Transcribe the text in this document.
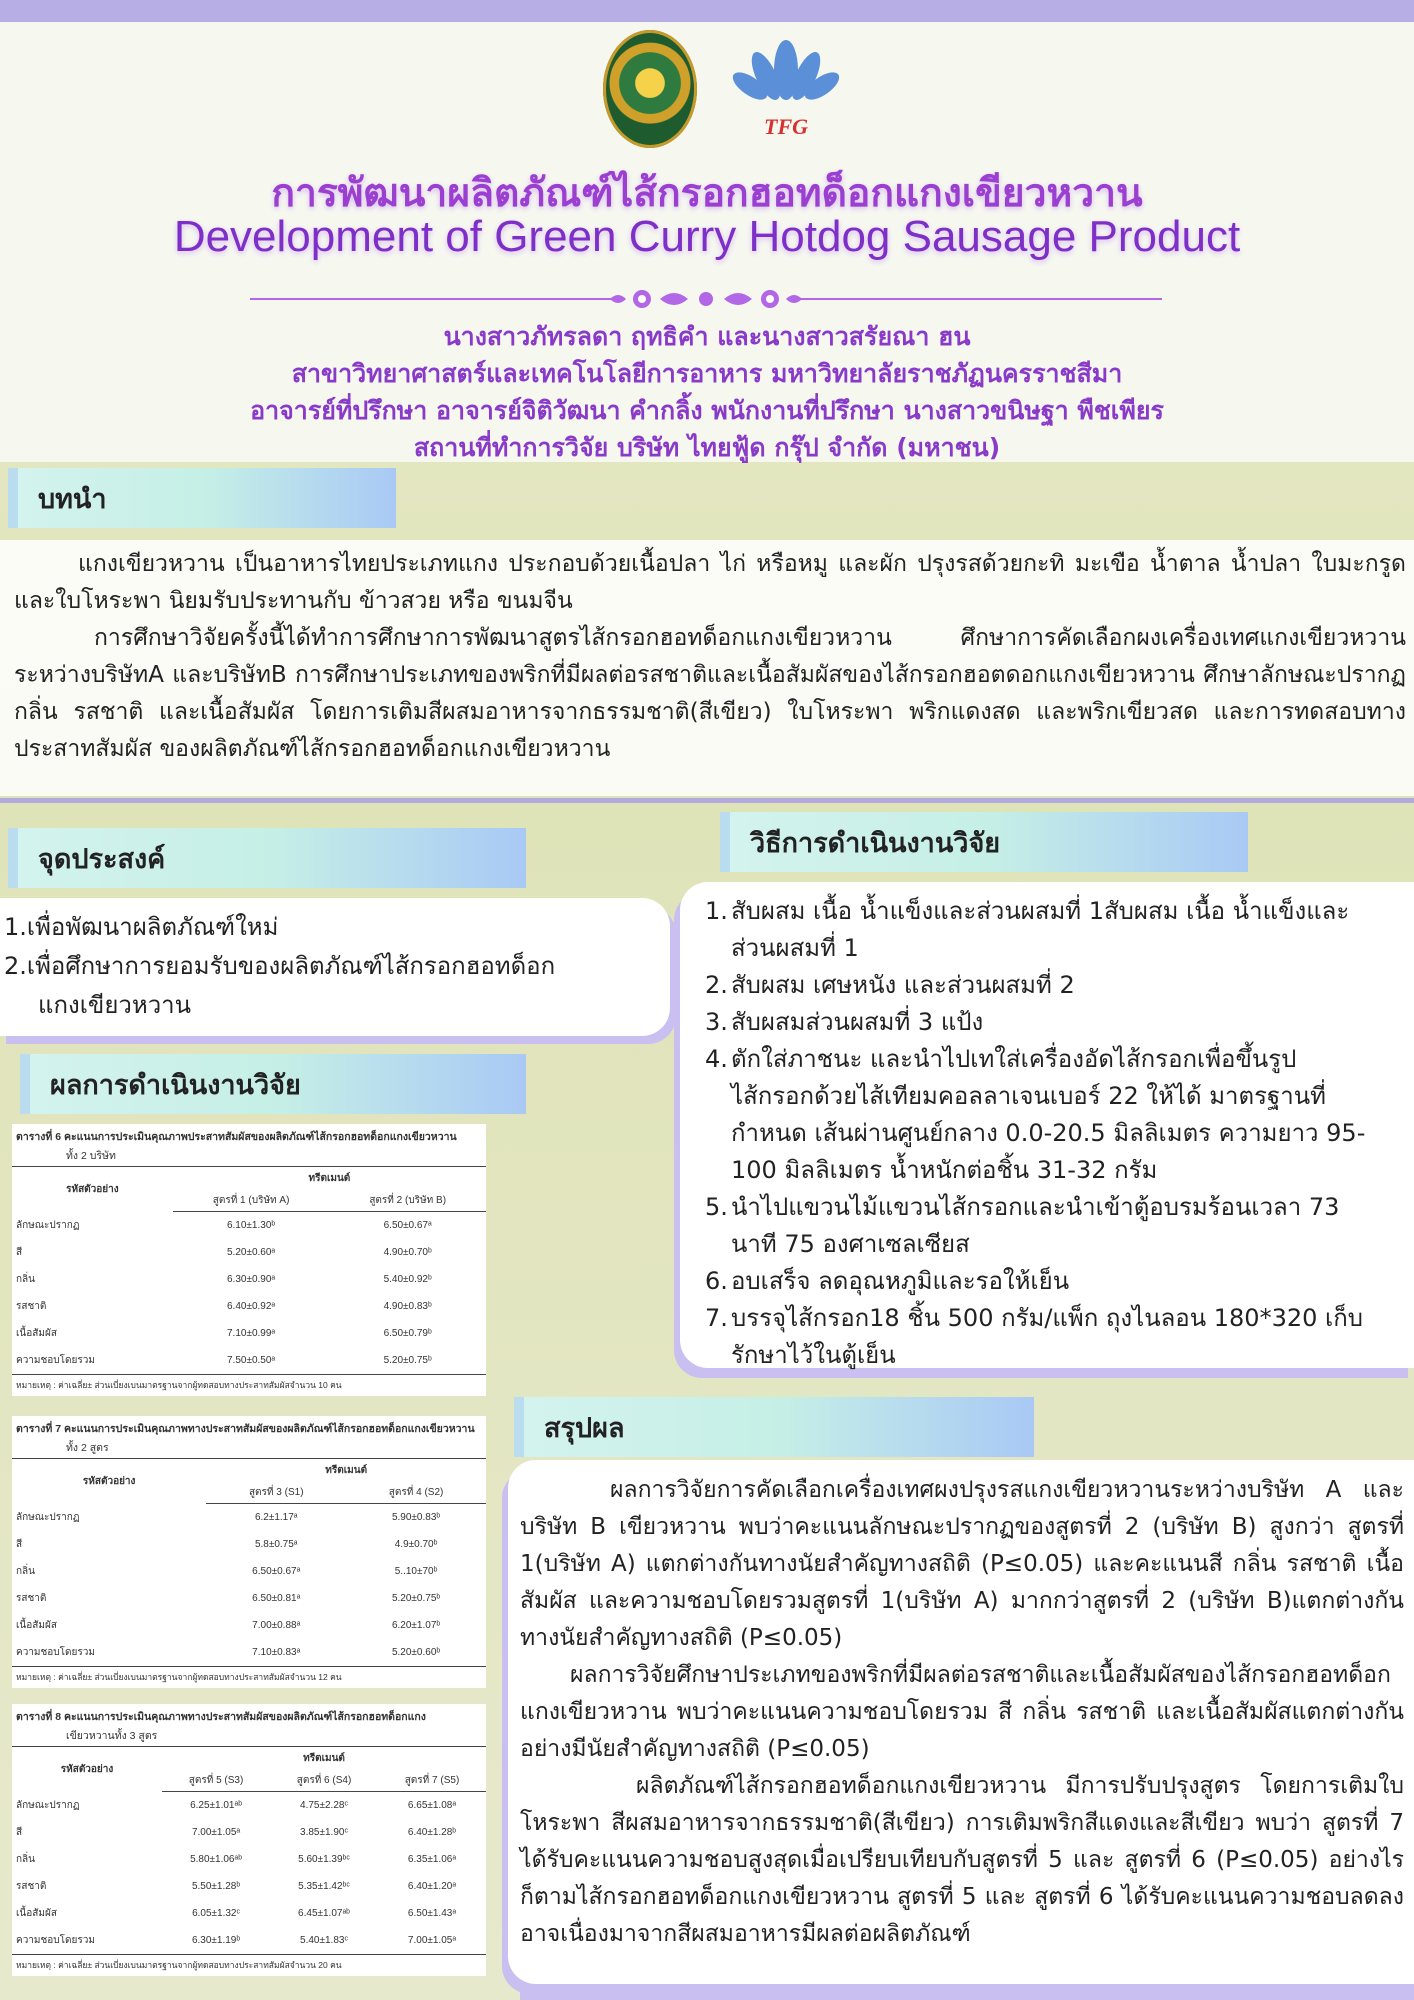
TFG
การพัฒนาผลิตภัณฑ์ไส้กรอกฮอทด็อกแกงเขียวหวาน
Development of Green Curry Hotdog Sausage Product
นางสาวภัทรลดา ฤทธิคำ และนางสาวสรัยณา ฮน
สาขาวิทยาศาสตร์และเทคโนโลยีการอาหาร มหาวิทยาลัยราชภัฏนครราชสีมา
อาจารย์ที่ปรึกษา อาจารย์จิติวัฒนา คำกลิ้ง พนักงานที่ปรึกษา นางสาวขนิษฐา พืชเพียร
สถานที่ทำการวิจัย บริษัท ไทยฟู้ด กรุ๊ป จำกัด (มหาชน)
บทนำ
แกงเขียวหวาน เป็นอาหารไทยประเภทแกง ประกอบด้วยเนื้อปลา ไก่ หรือหมู และผัก ปรุงรสด้วยกะทิ มะเขือ น้ำตาล น้ำปลา ใบมะกรูด และใบโหระพา นิยมรับประทานกับ ข้าวสวย หรือ ขนมจีน
การศึกษาวิจัยครั้งนี้ได้ทำการศึกษาการพัฒนาสูตรไส้กรอกฮอทด็อกแกงเขียวหวาน ศึกษาการคัดเลือกผงเครื่องเทศแกงเขียวหวานระหว่างบริษัทA และบริษัทB การศึกษาประเภทของพริกที่มีผลต่อรสชาติและเนื้อสัมผัสของไส้กรอกฮอตดอกแกงเขียวหวาน ศึกษาลักษณะปรากฏ กลิ่น รสชาติ และเนื้อสัมผัส โดยการเติมสีผสมอาหารจากธรรมชาติ(สีเขียว) ใบโหระพา พริกแดงสด และพริกเขียวสด และการทดสอบทางประสาทสัมผัส ของผลิตภัณฑ์ไส้กรอกฮอทด็อกแกงเขียวหวาน
จุดประสงค์
1.เพื่อพัฒนาผลิตภัณฑ์ใหม่
2.เพื่อศึกษาการยอมรับของผลิตภัณฑ์ไส้กรอกฮอทด็อก
แกงเขียวหวาน
วิธีการดำเนินงานวิจัย
1. สับผสม เนื้อ น้ำแข็งและส่วนผสมที่ 1สับผสม เนื้อ น้ำแข็งและส่วนผสมที่ 1
2. สับผสม เศษหนัง และส่วนผสมที่ 2
3. สับผสมส่วนผสมที่ 3 แป้ง
4. ตักใส่ภาชนะ และนำไปเทใส่เครื่องอัดไส้กรอกเพื่อขึ้นรูปไส้กรอกด้วยไส้เทียมคอลลาเจนเบอร์ 22 ให้ได้ มาตรฐานที่กำหนด เส้นผ่านศูนย์กลาง 0.0-20.5 มิลลิเมตร ความยาว 95-100 มิลลิเมตร น้ำหนักต่อชิ้น 31-32 กรัม
5. นำไปแขวนไม้แขวนไส้กรอกและนำเข้าตู้อบรมร้อนเวลา 73 นาที 75 องศาเซลเซียส
6. อบเสร็จ ลดอุณหภูมิและรอให้เย็น
7. บรรจุไส้กรอก18 ชิ้น 500 กรัม/แพ็ก ถุงไนลอน 180*320 เก็บรักษาไว้ในตู้เย็น
ผลการดำเนินงานวิจัย
ตารางที่ 6 คะแนนการประเมินคุณภาพประสาทสัมผัสของผลิตภัณฑ์ไส้กรอกฮอทด็อกแกงเขียวหวาน
ทั้ง 2 บริษัท
รหัสตัวอย่าง	ทรีตเมนต์	
	สูตรที่ 1 (บริษัท A)	สูตรที่ 2 (บริษัท B)
ลักษณะปรากฏ	6.10±1.30ᵇ	6.50±0.67ᵃ
สี	5.20±0.60ᵃ	4.90±0.70ᵇ
กลิ่น	6.30±0.90ᵃ	5.40±0.92ᵇ
รสชาติ	6.40±0.92ᵃ	4.90±0.83ᵇ
เนื้อสัมผัส	7.10±0.99ᵃ	6.50±0.79ᵇ
ความชอบโดยรวม	7.50±0.50ᵃ	5.20±0.75ᵇ
หมายเหตุ : ค่าเฉลี่ย± ส่วนเบี่ยงเบนมาตรฐานจากผู้ทดสอบทางประสาทสัมผัสจำนวน 10 คน
ตารางที่ 7 คะแนนการประเมินคุณภาพทางประสาทสัมผัสของผลิตภัณฑ์ไส้กรอกฮอทด็อกแกงเขียวหวาน
ทั้ง 2 สูตร
รหัสตัวอย่าง	ทรีตเมนต์	
	สูตรที่ 3 (S1)	สูตรที่ 4 (S2)
ลักษณะปรากฏ	6.2±1.17ᵃ	5.90±0.83ᵇ
สี	5.8±0.75ᵃ	4.9±0.70ᵇ
กลิ่น	6.50±0.67ᵃ	5..10±70ᵇ
รสชาติ	6.50±0.81ᵃ	5.20±0.75ᵇ
เนื้อสัมผัส	7.00±0.88ᵃ	6.20±1.07ᵇ
ความชอบโดยรวม	7.10±0.83ᵃ	5.20±0.60ᵇ
หมายเหตุ : ค่าเฉลี่ย± ส่วนเบี่ยงเบนมาตรฐานจากผู้ทดสอบทางประสาทสัมผัสจำนวน 12 คน
ตารางที่ 8 คะแนนการประเมินคุณภาพทางประสาทสัมผัสของผลิตภัณฑ์ไส้กรอกฮอทด็อกแกง
เขียวหวานทั้ง 3 สูตร
รหัสตัวอย่าง	ทรีตเมนต์		
	สูตรที่ 5 (S3)	สูตรที่ 6 (S4)	สูตรที่ 7 (S5)
ลักษณะปรากฏ	6.25±1.01ᵃᵇ	4.75±2.28ᶜ	6.65±1.08ᵃ
สี	7.00±1.05ᵃ	3.85±1.90ᶜ	6.40±1.28ᵇ
กลิ่น	5.80±1.06ᵃᵇ	5.60±1.39ᵇᶜ	6.35±1.06ᵃ
รสชาติ	5.50±1.28ᵇ	5.35±1.42ᵇᶜ	6.40±1.20ᵃ
เนื้อสัมผัส	6.05±1.32ᶜ	6.45±1.07ᵃᵇ	6.50±1.43ᵃ
ความชอบโดยรวม	6.30±1.19ᵇ	5.40±1.83ᶜ	7.00±1.05ᵃ
หมายเหตุ : ค่าเฉลี่ย± ส่วนเบี่ยงเบนมาตรฐานจากผู้ทดสอบทางประสาทสัมผัสจำนวน 20 คน
สรุปผล

ผลการวิจัยการคัดเลือกเครื่องเทศผงปรุงรสแกงเขียวหวานระหว่างบริษัท A และบริษัท B เขียวหวาน พบว่าคะแนนลักษณะปรากฏของสูตรที่ 2 (บริษัท B) สูงกว่า สูตรที่ 1(บริษัท A) แตกต่างกันทางนัยสำคัญทางสถิติ (P≤0.05) และคะแนนสี กลิ่น รสชาติ เนื้อสัมผัส และความชอบโดยรวมสูตรที่ 1(บริษัท A) มากกว่าสูตรที่ 2 (บริษัท B)แตกต่างกันทางนัยสำคัญทางสถิติ (P≤0.05)

ผลการวิจัยศึกษาประเภทของพริกที่มีผลต่อรสชาติและเนื้อสัมผัสของไส้กรอกฮอทด็อกแกงเขียวหวาน พบว่าคะแนนความชอบโดยรวม สี กลิ่น รสชาติ และเนื้อสัมผัสแตกต่างกันอย่างมีนัยสำคัญทางสถิติ (P≤0.05)

ผลิตภัณฑ์ไส้กรอกฮอทด็อกแกงเขียวหวาน มีการปรับปรุงสูตร โดยการเติมใบโหระพา สีผสมอาหารจากธรรมชาติ(สีเขียว) การเติมพริกสีแดงและสีเขียว พบว่า สูตรที่ 7 ได้รับคะแนนความชอบสูงสุดเมื่อเปรียบเทียบกับสูตรที่ 5 และ สูตรที่ 6 (P≤0.05) อย่างไรก็ตามไส้กรอกฮอทด็อกแกงเขียวหวาน สูตรที่ 5 และ สูตรที่ 6 ได้รับคะแนนความชอบลดลง อาจเนื่องมาจากสีผสมอาหารมีผลต่อผลิตภัณฑ์
